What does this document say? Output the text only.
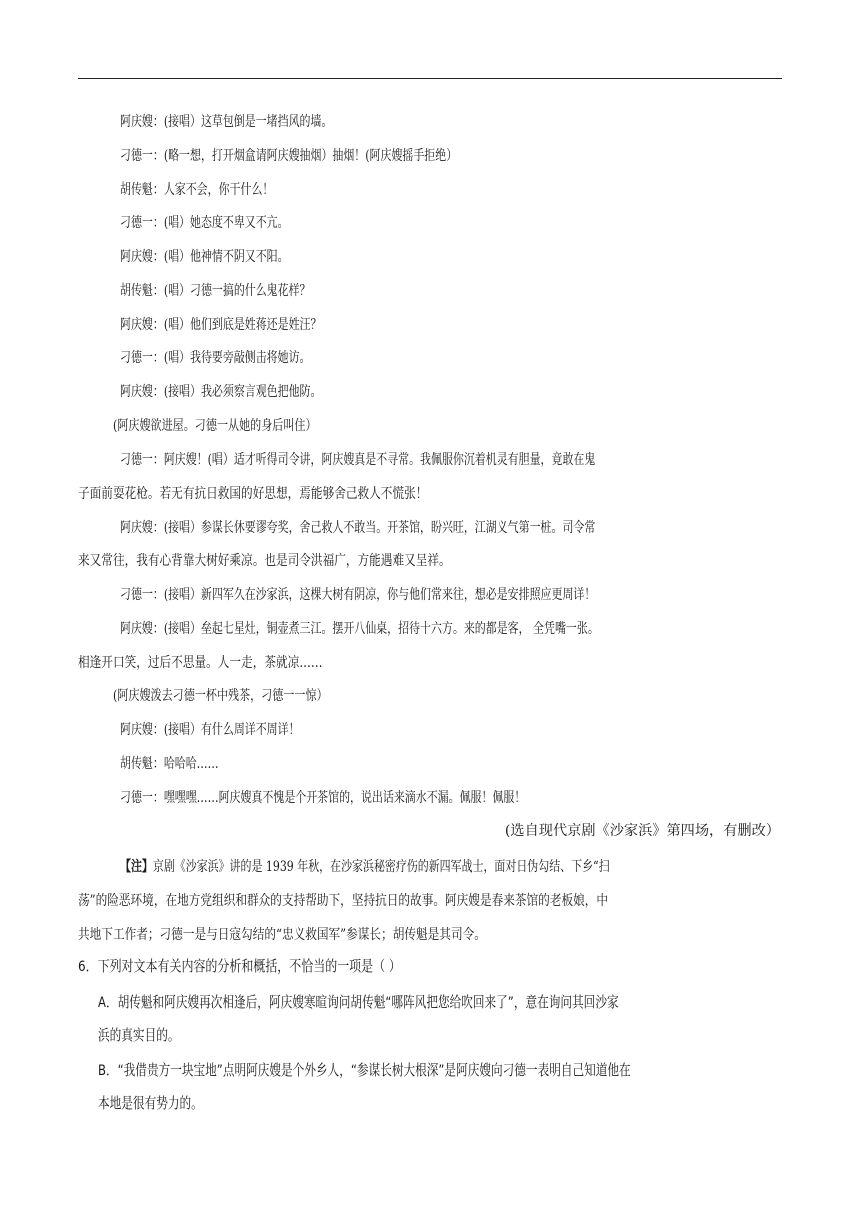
阿庆嫂：(接唱）这草包倒是一堵挡风的墙。
刁德一：(略一想，打开烟盒请阿庆嫂抽烟）抽烟！(阿庆嫂摇手拒绝）
胡传魁：人家不会，你干什么！
刁德一：(唱）她态度不卑又不亢。
阿庆嫂：(唱）他神情不阴又不阳。
胡传魁：(唱）刁德一搞的什么鬼花样？
阿庆嫂：(唱）他们到底是姓蒋还是姓汪？
刁德一：(唱）我待要旁敲侧击将她访。
阿庆嫂：(接唱）我必须察言观色把他防。
(阿庆嫂欲进屋。刁德一从她的身后叫住）
刁德一：阿庆嫂！(唱）适才听得司令讲，阿庆嫂真是不寻常。我佩服你沉着机灵有胆量，竟敢在鬼
子面前耍花枪。若无有抗日救国的好思想，焉能够舍己救人不慌张！
阿庆嫂：(接唱）参谋长休要谬夸奖，舍己救人不敢当。开茶馆，盼兴旺，江湖义气第一桩。司令常
来又常往，我有心背靠大树好乘凉。也是司令洪福广，方能遇难又呈祥。
刁德一：(接唱）新四军久在沙家浜，这棵大树有阴凉，你与他们常来往，想必是安排照应更周详！
阿庆嫂：(接唱）垒起七星灶，铜壶煮三江。摆开八仙桌，招待十六方。来的都是客， 全凭嘴一张。
相逢开口笑，过后不思量。人一走，茶就凉……
(阿庆嫂泼去刁德一杯中残茶，刁德一一惊）
阿庆嫂：(接唱）有什么周详不周详！
胡传魁：哈哈哈……
刁德一：嘿嘿嘿……阿庆嫂真不愧是个开茶馆的，说出话来滴水不漏。佩服！佩服！
(选自现代京剧《沙家浜》第四场，有删改）
【注】京剧《沙家浜》讲的是 1939 年秋，在沙家浜秘密疗伤的新四军战士，面对日伪勾结、下乡“扫
荡”的险恶环境，在地方党组织和群众的支持帮助下，坚持抗日的故事。阿庆嫂是春来茶馆的老板娘，中
共地下工作者；刁德一是与日寇勾结的“忠义救国军”参谋长；胡传魁是其司令。
6．下列对文本有关内容的分析和概括，不恰当的一项是（ ）
A．胡传魁和阿庆嫂再次相逢后，阿庆嫂寒暄询问胡传魁“哪阵风把您给吹回来了”，意在询问其回沙家
浜的真实目的。
B．“我借贵方一块宝地”点明阿庆嫂是个外乡人，“参谋长树大根深”是阿庆嫂向刁德一表明自己知道他在
本地是很有势力的。
